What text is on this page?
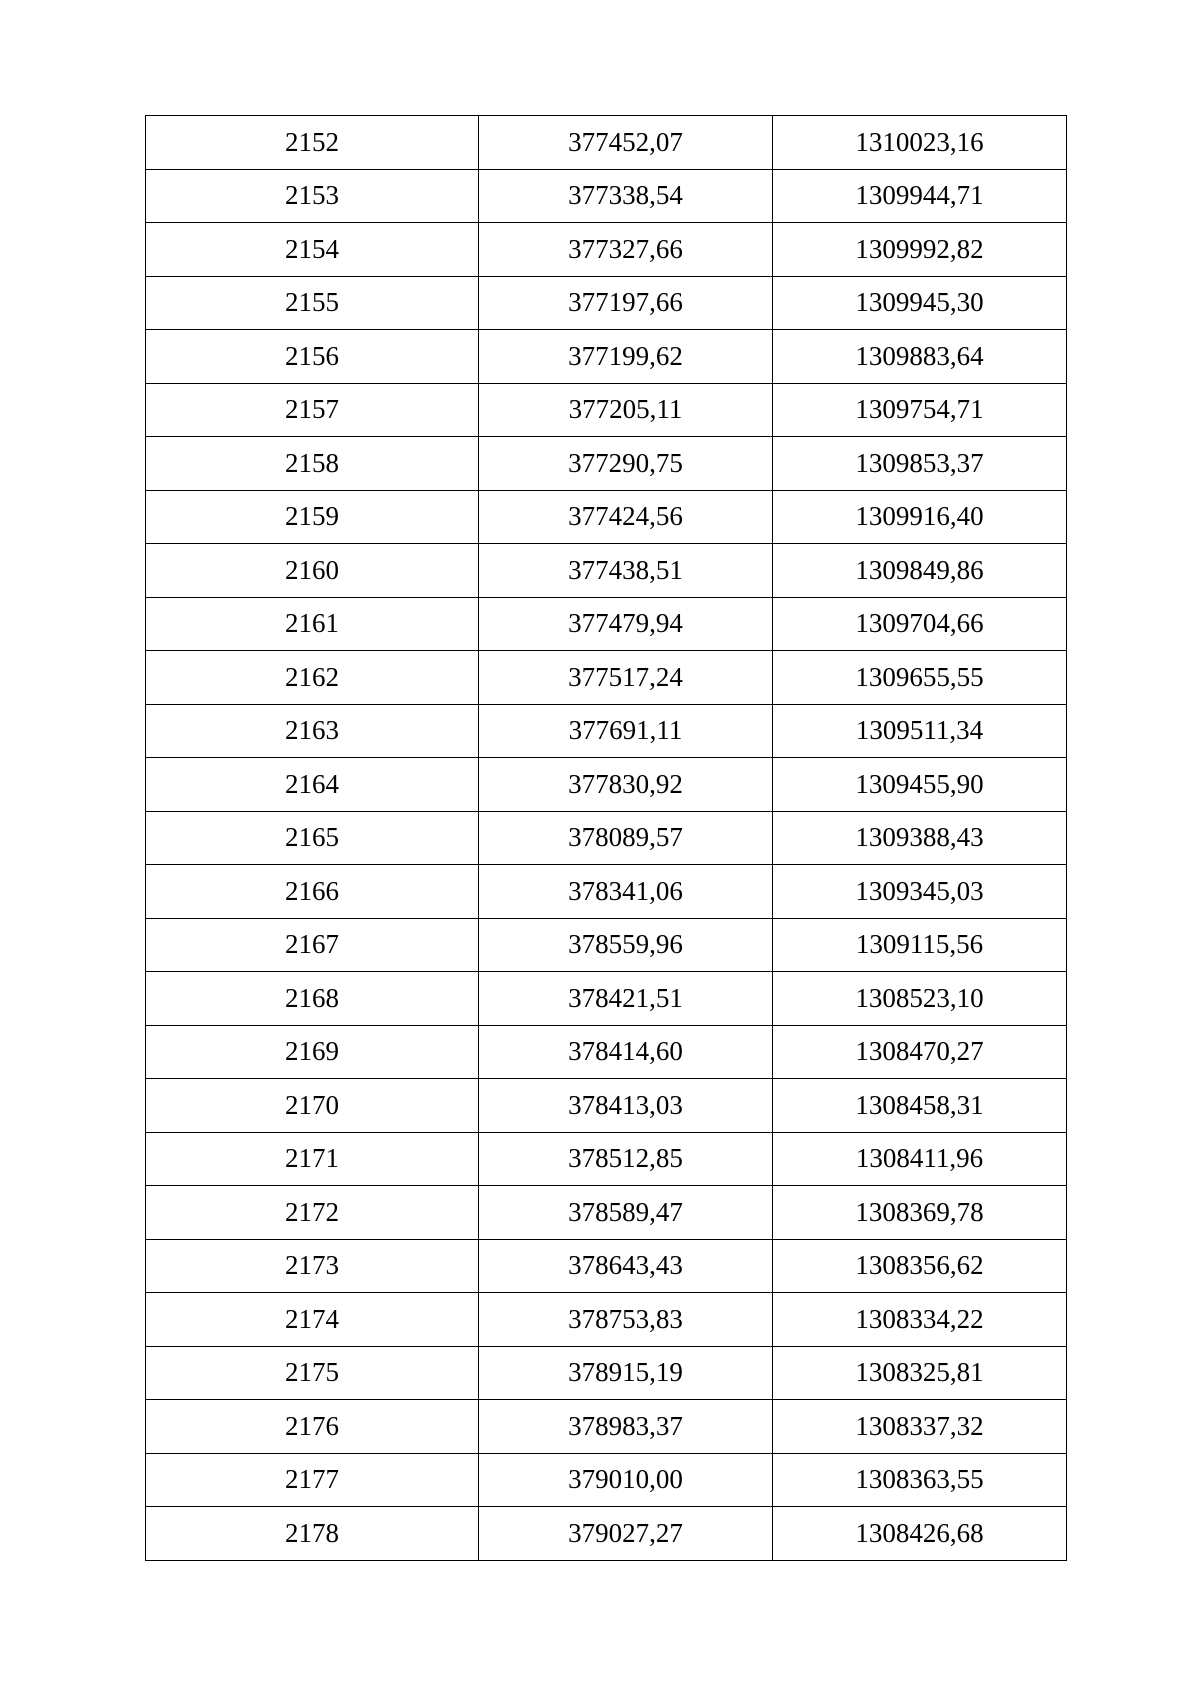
2152	377452,07	1310023,16
2153	377338,54	1309944,71
2154	377327,66	1309992,82
2155	377197,66	1309945,30
2156	377199,62	1309883,64
2157	377205,11	1309754,71
2158	377290,75	1309853,37
2159	377424,56	1309916,40
2160	377438,51	1309849,86
2161	377479,94	1309704,66
2162	377517,24	1309655,55
2163	377691,11	1309511,34
2164	377830,92	1309455,90
2165	378089,57	1309388,43
2166	378341,06	1309345,03
2167	378559,96	1309115,56
2168	378421,51	1308523,10
2169	378414,60	1308470,27
2170	378413,03	1308458,31
2171	378512,85	1308411,96
2172	378589,47	1308369,78
2173	378643,43	1308356,62
2174	378753,83	1308334,22
2175	378915,19	1308325,81
2176	378983,37	1308337,32
2177	379010,00	1308363,55
2178	379027,27	1308426,68
